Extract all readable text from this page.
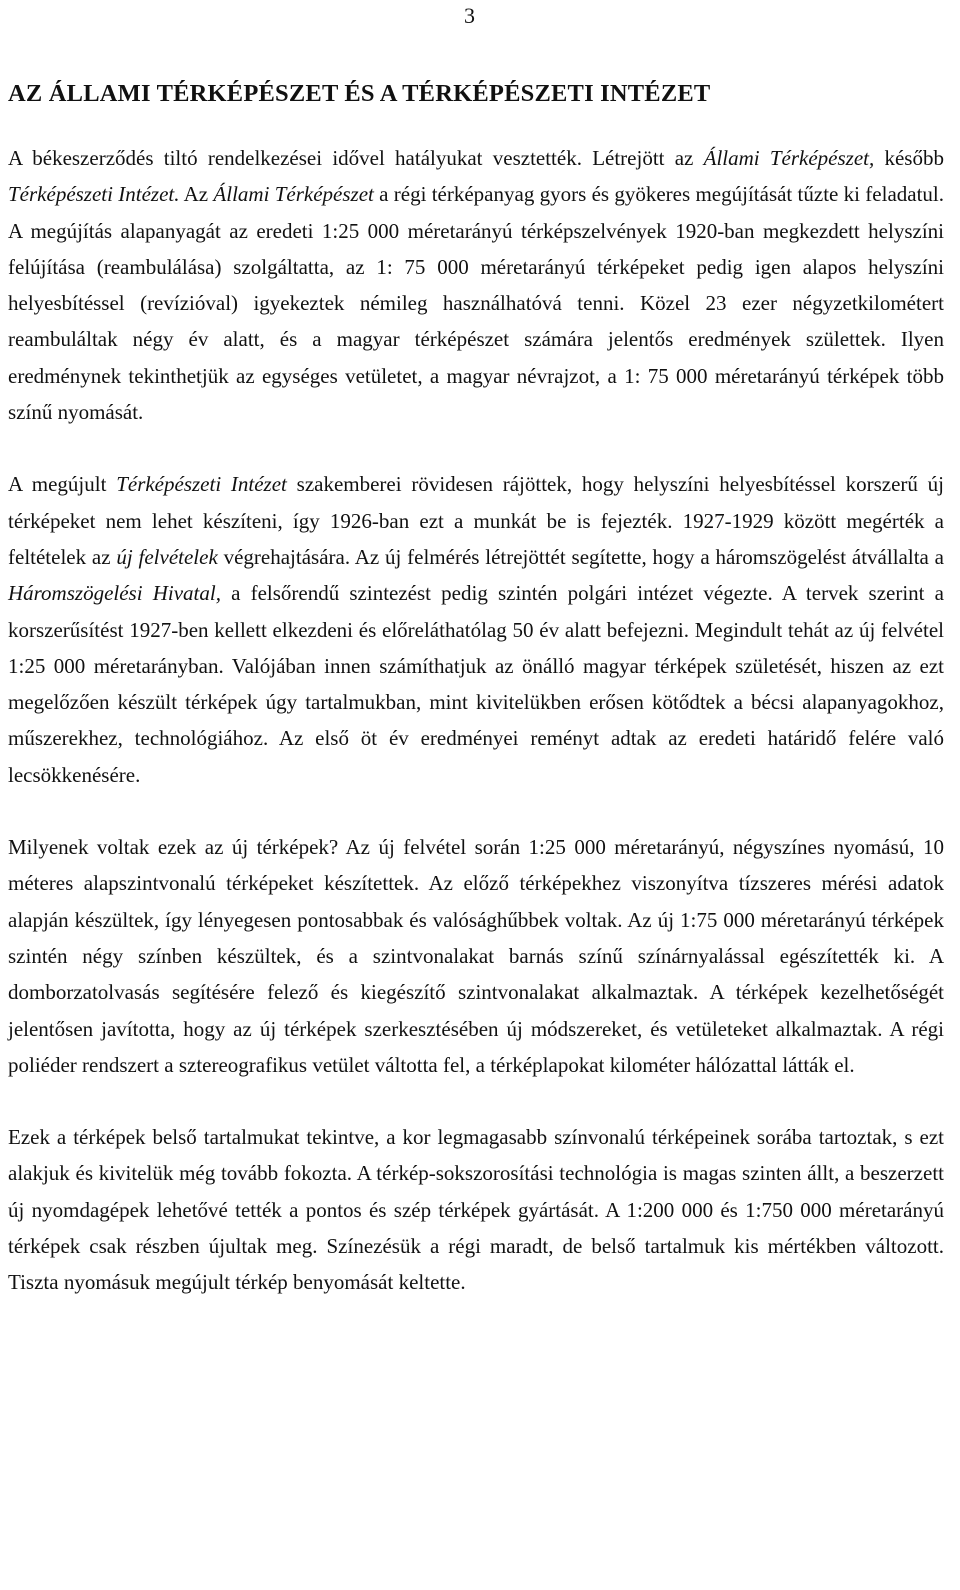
3
AZ ÁLLAMI TÉRKÉPÉSZET ÉS A TÉRKÉPÉSZETI INTÉZET

A békeszerződés tiltó rendelkezései idővel hatályukat vesztették. Létrejött az Állami Térképészet, később Térképészeti Intézet. Az Állami Térképészet a régi térképanyag gyors és gyökeres megújítását tűzte ki feladatul. A megújítás alapanyagát az eredeti 1:25 000 méretarányú térképszelvények 1920-ban megkezdett helyszíni felújítása (reambulálása) szolgáltatta, az 1: 75 000 méretarányú térképeket pedig igen alapos helyszíni helyesbítéssel (revízióval) igyekeztek némileg használhatóvá tenni. Közel 23 ezer négyzetkilométert reambuláltak négy év alatt, és a magyar térképészet számára jelentős eredmények születtek. Ilyen eredménynek tekinthetjük az egységes vetületet, a magyar névrajzot, a 1: 75 000 méretarányú térképek több színű nyomását.

A megújult Térképészeti Intézet szakemberei rövidesen rájöttek, hogy helyszíni helyesbítéssel korszerű új térképeket nem lehet készíteni, így 1926-ban ezt a munkát be is fejezték. 1927-1929 között megérték a feltételek az új felvételek végrehajtására. Az új felmérés létrejöttét segítette, hogy a háromszögelést átvállalta a Háromszögelési Hivatal, a felsőrendű szintezést pedig szintén polgári intézet végezte. A tervek szerint a korszerűsítést 1927-ben kellett elkezdeni és előreláthatólag 50 év alatt befejezni. Megindult tehát az új felvétel 1:25 000 méretarányban. Valójában innen számíthatjuk az önálló magyar térképek születését, hiszen az ezt megelőzően készült térképek úgy tartalmukban, mint kivitelükben erősen kötődtek a bécsi alapanyagokhoz, műszerekhez, technológiához. Az első öt év eredményei reményt adtak az eredeti határidő felére való lecsökkenésére.

Milyenek voltak ezek az új térképek? Az új felvétel során 1:25 000 méretarányú, négyszínes nyomású, 10 méteres alapszintvonalú térképeket készítettek. Az előző térképekhez viszonyítva tízszeres mérési adatok alapján készültek, így lényegesen pontosabbak és valósághűbbek voltak. Az új 1:75 000 méretarányú térképek szintén négy színben készültek, és a szintvonalakat barnás színű színárnyalással egészítették ki. A domborzatolvasás segítésére felező és kiegészítő szintvonalakat alkalmaztak. A térképek kezelhetőségét jelentősen javította, hogy az új térképek szerkesztésében új módszereket, és vetületeket alkalmaztak. A régi poliéder rendszert a sztereografikus vetület váltotta fel, a térképlapokat kilométer hálózattal látták el.

Ezek a térképek belső tartalmukat tekintve, a kor legmagasabb színvonalú térképeinek sorába tartoztak, s ezt alakjuk és kivitelük még tovább fokozta. A térkép-sokszorosítási technológia is magas szinten állt, a beszerzett új nyomdagépek lehetővé tették a pontos és szép térképek gyártását. A 1:200 000 és 1:750 000 méretarányú térképek csak részben újultak meg. Színezésük a régi maradt, de belső tartalmuk kis mértékben változott. Tiszta nyomásuk megújult térkép benyomását keltette.
